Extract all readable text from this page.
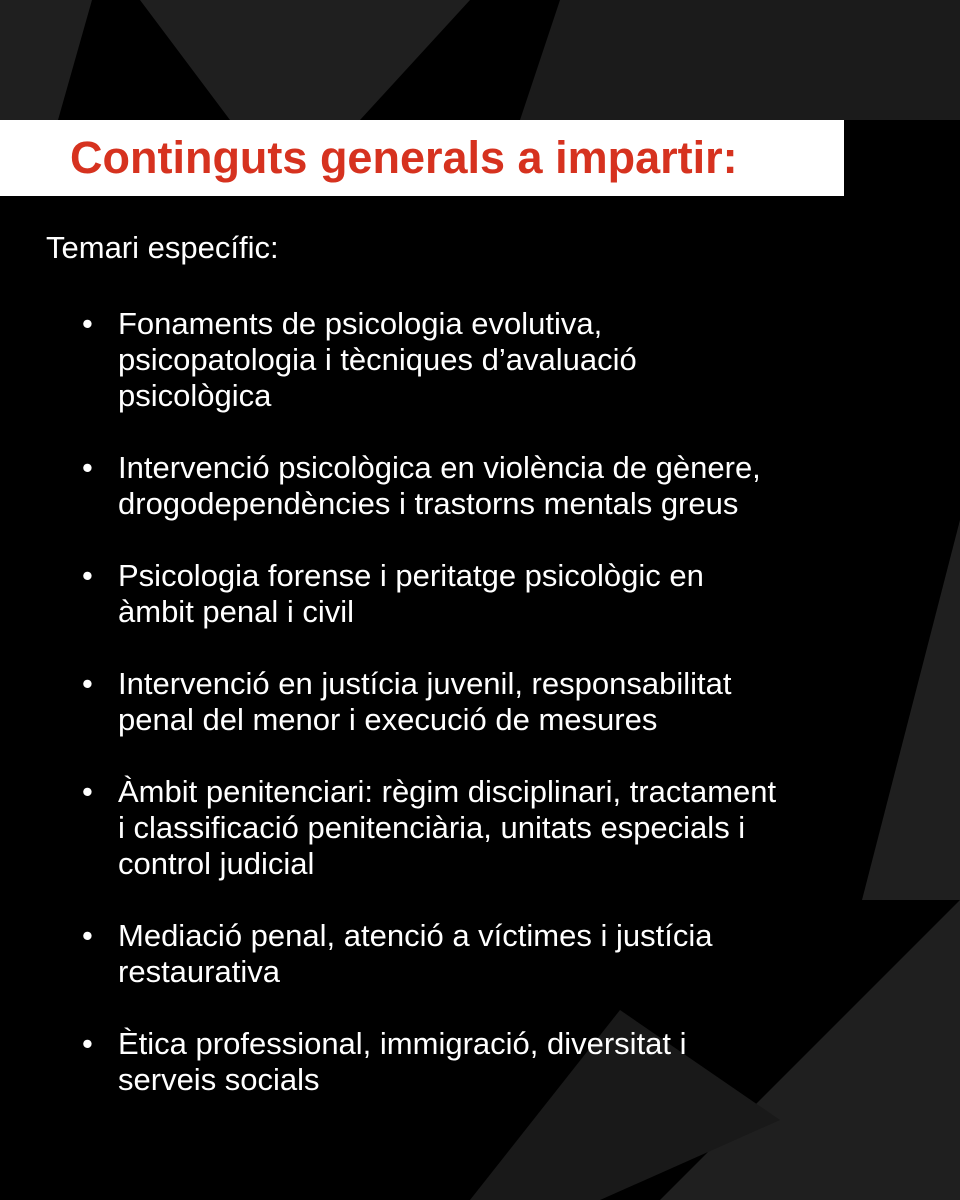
Continguts generals a impartir:

Temari específic:

• Fonaments de psicologia evolutiva,
psicopatologia i tècniques d’avaluació
psicològica
• Intervenció psicològica en violència de gènere,
drogodependències i trastorns mentals greus
• Psicologia forense i peritatge psicològic en
àmbit penal i civil
• Intervenció en justícia juvenil, responsabilitat
penal del menor i execució de mesures
• Àmbit penitenciari: règim disciplinari, tractament
i classificació penitenciària, unitats especials i
control judicial
• Mediació penal, atenció a víctimes i justícia
restaurativa
• Ètica professional, immigració, diversitat i
serveis socials
